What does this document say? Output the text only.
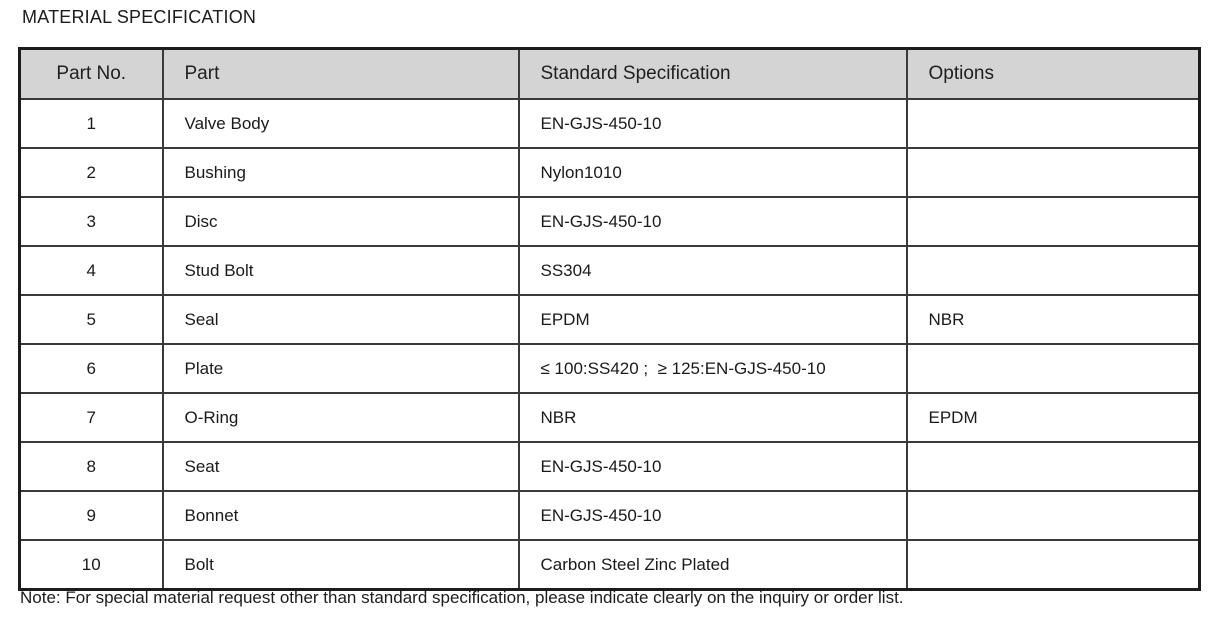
MATERIAL SPECIFICATION
Part No.	Part	Standard Specification	Options
1	Valve Body	EN-GJS-450-10	
2	Bushing	Nylon1010	
3	Disc	EN-GJS-450-10	
4	Stud Bolt	SS304	
5	Seal	EPDM	NBR
6	Plate	≤ 100:SS420 ;  ≥ 125:EN-GJS-450-10	
7	O-Ring	NBR	EPDM
8	Seat	EN-GJS-450-10	
9	Bonnet	EN-GJS-450-10	
10	Bolt	Carbon Steel Zinc Plated	
Note: For special material request other than standard specification, please indicate clearly on the inquiry or order list.
